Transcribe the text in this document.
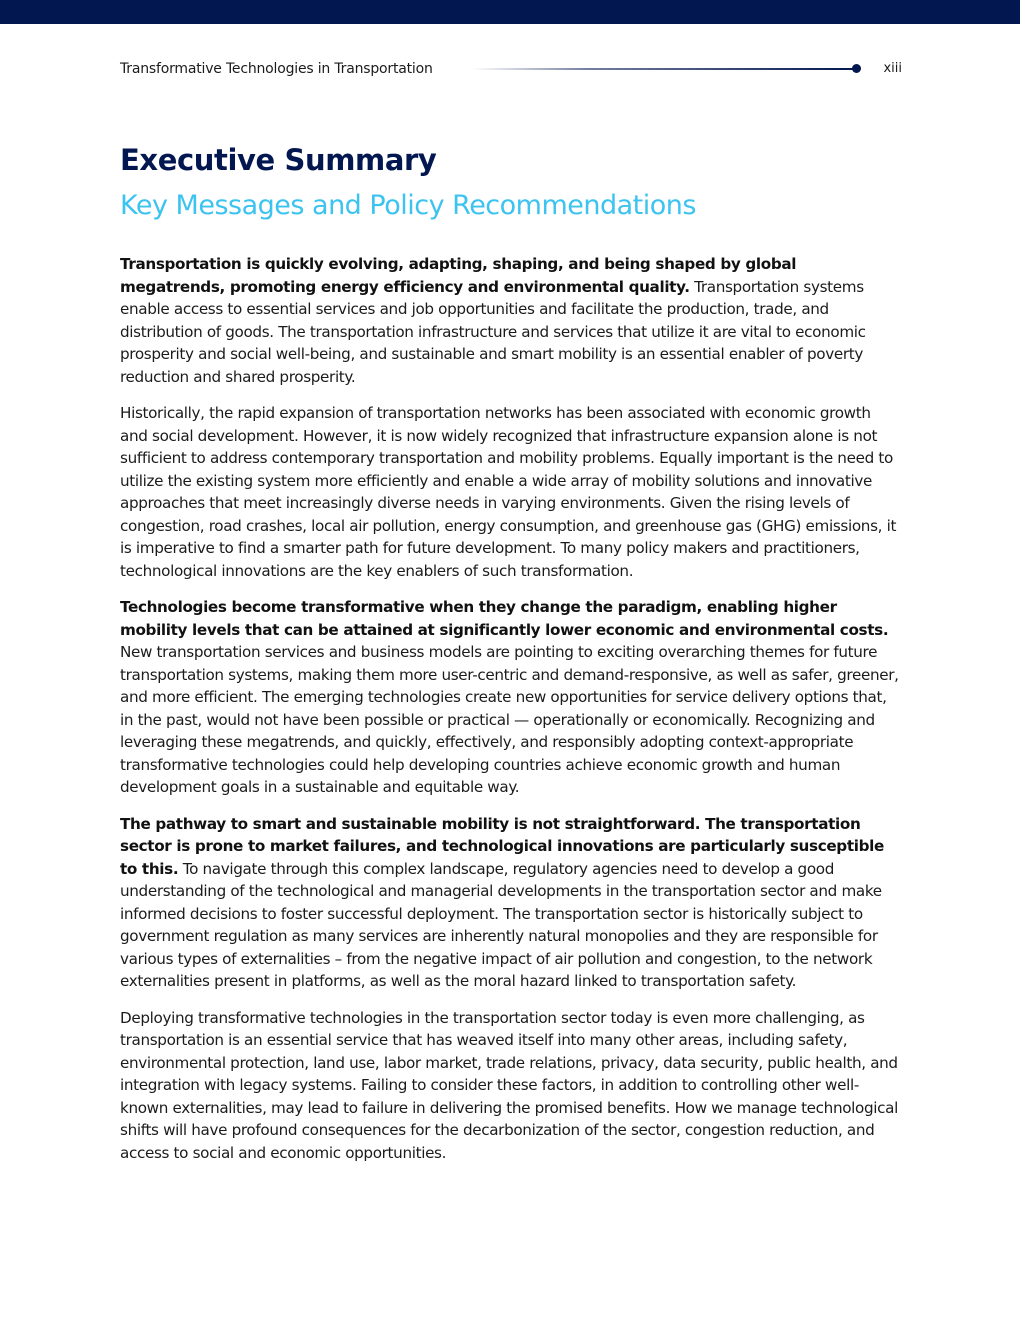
Transformative Technologies in Transportation	xiii
Executive Summary
Key Messages and Policy Recommendations

Transportation is quickly evolving, adapting, shaping, and being shaped by global megatrends, promoting energy efficiency and environmental quality. Transportation systems enable access to essential services and job opportunities and facilitate the production, trade, and distribution of goods. The transportation infrastructure and services that utilize it are vital to economic prosperity and social well-being, and sustainable and smart mobility is an essential enabler of poverty reduction and shared prosperity.

Historically, the rapid expansion of transportation networks has been associated with economic growth and social development. However, it is now widely recognized that infrastructure expansion alone is not sufficient to address contemporary transportation and mobility problems. Equally important is the need to utilize the existing system more efficiently and enable a wide array of mobility solutions and innovative approaches that meet increasingly diverse needs in varying environments. Given the rising levels of congestion, road crashes, local air pollution, energy consumption, and greenhouse gas (GHG) emissions, it is imperative to find a smarter path for future development. To many policy makers and practitioners, technological innovations are the key enablers of such transformation.

Technologies become transformative when they change the paradigm, enabling higher mobility levels that can be attained at significantly lower economic and environmental costs. New transportation services and business models are pointing to exciting overarching themes for future transportation systems, making them more user-centric and demand-responsive, as well as safer, greener, and more efficient. The emerging technologies create new opportunities for service delivery options that, in the past, would not have been possible or practical — operationally or economically. Recognizing and leveraging these megatrends, and quickly, effectively, and responsibly adopting context-appropriate transformative technologies could help developing countries achieve economic growth and human development goals in a sustainable and equitable way.

The pathway to smart and sustainable mobility is not straightforward. The transportation sector is prone to market failures, and technological innovations are particularly susceptible to this. To navigate through this complex landscape, regulatory agencies need to develop a good understanding of the technological and managerial developments in the transportation sector and make informed decisions to foster successful deployment. The transportation sector is historically subject to government regulation as many services are inherently natural monopolies and they are responsible for various types of externalities – from the negative impact of air pollution and congestion, to the network externalities present in platforms, as well as the moral hazard linked to transportation safety.

Deploying transformative technologies in the transportation sector today is even more challenging, as transportation is an essential service that has weaved itself into many other areas, including safety, environmental protection, land use, labor market, trade relations, privacy, data security, public health, and integration with legacy systems. Failing to consider these factors, in addition to controlling other well-known externalities, may lead to failure in delivering the promised benefits. How we manage technological shifts will have profound consequences for the decarbonization of the sector, congestion reduction, and access to social and economic opportunities.
